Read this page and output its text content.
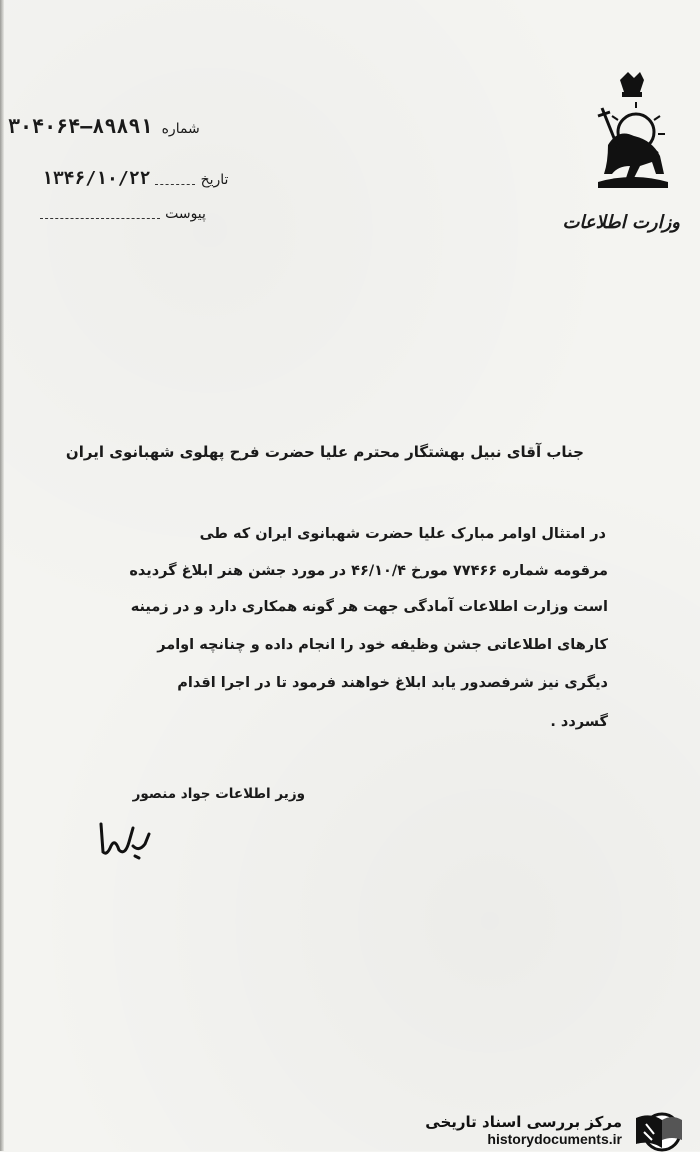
۳۰۴۰۶۴—۸۹۸۹۱ شماره
۱۳۴۶/۱۰/۲۲	تاریخ
پیوست	وزارت اطلاعات
جناب آقای نبیل بهشتگار محترم علیا حضرت فرح پهلوی شهبانوی ایران
در امتثال اوامر مبارک علیا حضرت شهبانوی ایران که طی
مرقومه شماره ۷۷۴۶۶ مورخ ۴۶/۱۰/۴ در مورد جشن هنر ابلاغ گردیده
است وزارت اطلاعات آمادگی جهت هر گونه همکاری دارد و در زمینه
کارهای اطلاعاتی جشن وظیفه خود را انجام داده و چنانچه اوامر
دیگری نیز شرفصدور یابد ابلاغ خواهند فرمود تا در اجرا اقدام
گسردد .
وزیر اطلاعات جواد منصور
مرکز بررسی اسناد تاریخی
historydocuments.ir
